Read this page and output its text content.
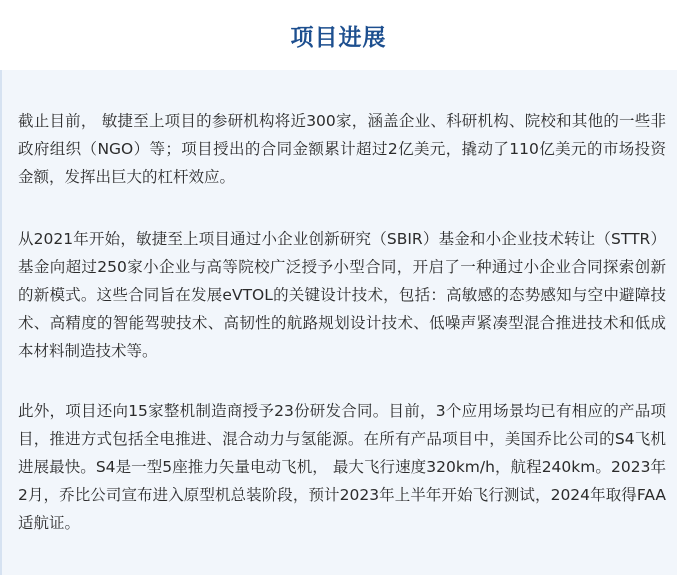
项目进展

截止目前， 敏捷至上项目的参研机构将近300家，涵盖企业、科研机构、院校和其他的一些非政府组织（NGO）等；项目授出的合同金额累计超过2亿美元，撬动了110亿美元的市场投资金额，发挥出巨大的杠杆效应。

从2021年开始，敏捷至上项目通过小企业创新研究（SBIR）基金和小企业技术转让（STTR）基金向超过250家小企业与高等院校广泛授予小型合同，开启了一种通过小企业合同探索创新的新模式。这些合同旨在发展eVTOL的关键设计技术，包括：高敏感的态势感知与空中避障技术、高精度的智能驾驶技术、高韧性的航路规划设计技术、低噪声紧凑型混合推进技术和低成本材料制造技术等。

此外，项目还向15家整机制造商授予23份研发合同。目前，3个应用场景均已有相应的产品项目，推进方式包括全电推进、混合动力与氢能源。在所有产品项目中，美国乔比公司的S4飞机进展最快。S4是一型5座推力矢量电动飞机， 最大飞行速度320km/h，航程240km。2023年2月，乔比公司宣布进入原型机总装阶段，预计2023年上半年开始飞行测试，2024年取得FAA适航证。
